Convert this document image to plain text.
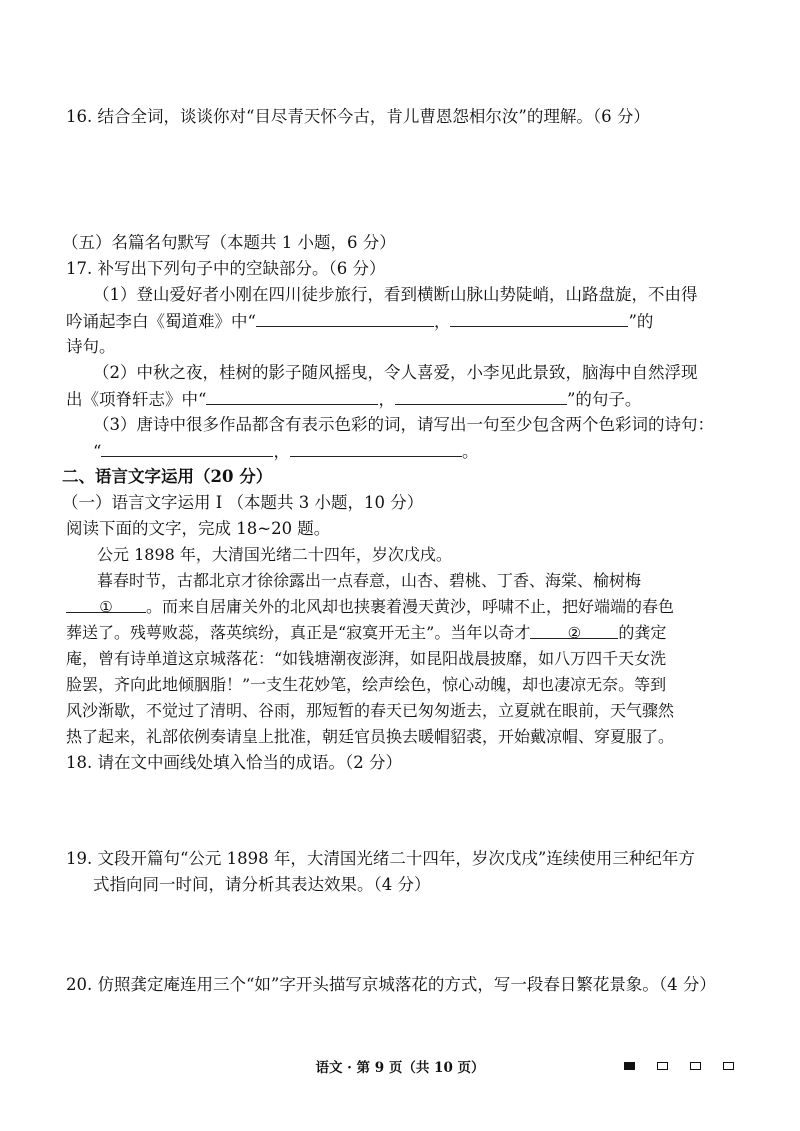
16. 结合全词，谈谈你对“目尽青天怀今古，肯儿曹恩怨相尔汝”的理解。（6 分）
（五）名篇名句默写（本题共 1 小题，6 分）
17. 补写出下列句子中的空缺部分。（6 分）
（1）登山爱好者小刚在四川徒步旅行，看到横断山脉山势陡峭，山路盘旋，不由得
吟诵起李白《蜀道难》中“	，	”的
诗句。
（2）中秋之夜，桂树的影子随风摇曳，令人喜爱，小李见此景致，脑海中自然浮现
出《项脊轩志》中“	，	”的句子。
（3）唐诗中很多作品都含有表示色彩的词，请写出一句至少包含两个色彩词的诗句：
“	，	。
二、语言文字运用（20 分）
（一）语言文字运用 Ⅰ （本题共 3 小题，10 分）
阅读下面的文字，完成 18~20 题。
公元 1898 年，大清国光绪二十四年，岁次戊戌。
暮春时节，古都北京才徐徐露出一点春意，山杏、碧桃、丁香、海棠、榆树梅
① 。而来自居庸关外的北风却也挟裹着漫天黄沙，呼啸不止，把好端端的春色
葬送了。残萼败蕊，落英缤纷，真正是“寂寞开无主”。当年以奇才 ② 的龚定
庵，曾有诗单道这京城落花：“如钱塘潮夜澎湃，如昆阳战晨披靡，如八万四千天女洗
脸罢，齐向此地倾胭脂！”一支生花妙笔，绘声绘色，惊心动魄，却也凄凉无奈。等到
风沙渐歇，不觉过了清明、谷雨，那短暂的春天已匆匆逝去，立夏就在眼前，天气骤然
热了起来，礼部依例奏请皇上批准，朝廷官员换去暖帽貂裘，开始戴凉帽、穿夏服了。
18. 请在文中画线处填入恰当的成语。（2 分）
19. 文段开篇句“公元 1898 年，大清国光绪二十四年，岁次戊戌”连续使用三种纪年方
式指向同一时间，请分析其表达效果。（4 分）
20. 仿照龚定庵连用三个“如”字开头描写京城落花的方式，写一段春日繁花景象。（4 分）
语文 · 第 9 页（共 10 页）
